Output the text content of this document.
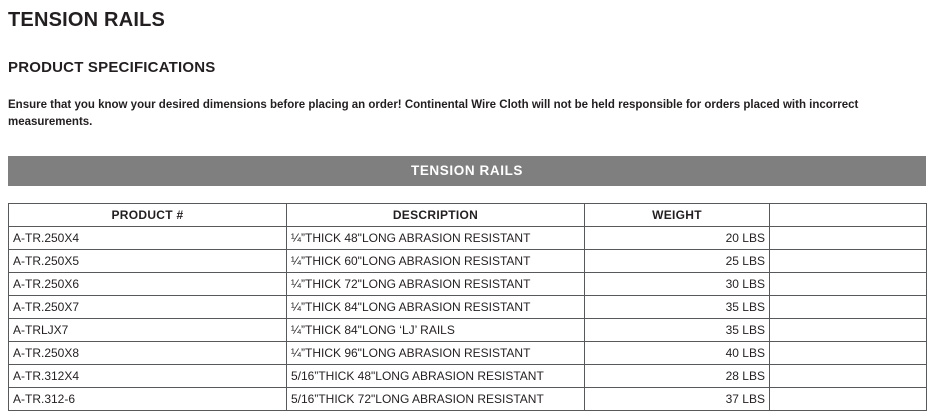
TENSION RAILS
PRODUCT SPECIFICATIONS

Ensure that you know your desired dimensions before placing an order! Continental Wire Cloth will not be held responsible for orders placed with incorrect measurements.

TENSION RAILS
PRODUCT #	DESCRIPTION	WEIGHT	
A-TR.250X4	¼”THICK 48"LONG ABRASION RESISTANT	20 LBS	
A-TR.250X5	¼”THICK 60"LONG ABRASION RESISTANT	25 LBS	
A-TR.250X6	¼”THICK 72"LONG ABRASION RESISTANT	30 LBS	
A-TR.250X7	¼”THICK 84"LONG ABRASION RESISTANT	35 LBS	
A-TRLJX7	¼”THICK 84"LONG ‘LJ’ RAILS	35 LBS	
A-TR.250X8	¼”THICK 96"LONG ABRASION RESISTANT	40 LBS	
A-TR.312X4	5/16”THICK 48"LONG ABRASION RESISTANT	28 LBS	
A-TR.312-6	5/16”THICK 72"LONG ABRASION RESISTANT	37 LBS	
